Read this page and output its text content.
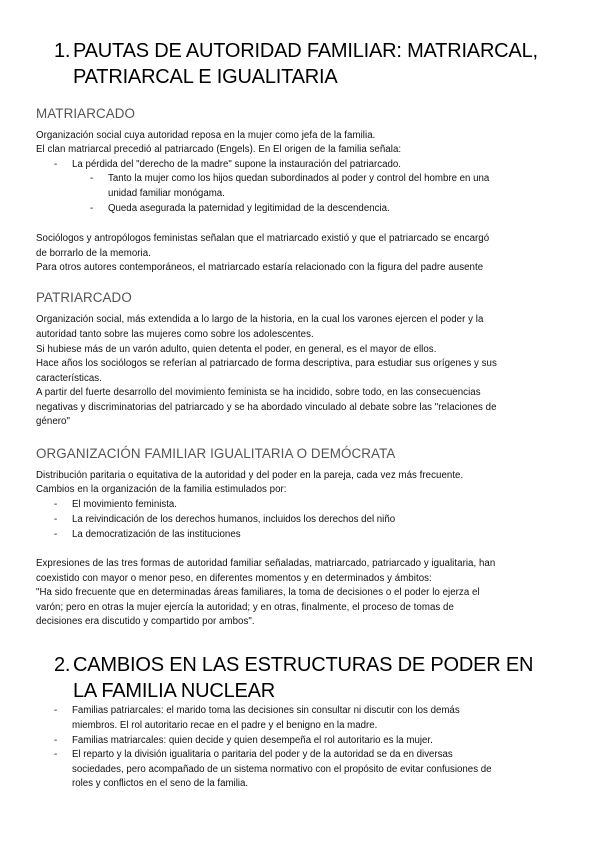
1. PAUTAS DE AUTORIDAD FAMILIAR: MATRIARCAL,
PATRIARCAL E IGUALITARIA
MATRIARCADO
Organización social cuya autoridad reposa en la mujer como jefa de la familia.
El clan matriarcal precedió al patriarcado (Engels). En El origen de la familia señala:
- La pérdida del "derecho de la madre" supone la instauración del patriarcado.
- Tanto la mujer como los hijos quedan subordinados al poder y control del hombre en una
unidad familiar monógama.
- Queda asegurada la paternidad y legitimidad de la descendencia.
Sociólogos y antropólogos feministas señalan que el matriarcado existió y que el patriarcado se encargó
de borrarlo de la memoria.
Para otros autores contemporáneos, el matriarcado estaría relacionado con la figura del padre ausente
PATRIARCADO
Organización social, más extendida a lo largo de la historia, en la cual los varones ejercen el poder y la
autoridad tanto sobre las mujeres como sobre los adolescentes.
Si hubiese más de un varón adulto, quien detenta el poder, en general, es el mayor de ellos.
Hace años los sociólogos se referían al patriarcado de forma descriptiva, para estudiar sus orígenes y sus
características.
A partir del fuerte desarrollo del movimiento feminista se ha incidido, sobre todo, en las consecuencias
negativas y discriminatorias del patriarcado y se ha abordado vinculado al debate sobre las "relaciones de
género"
ORGANIZACIÓN FAMILIAR IGUALITARIA O DEMÓCRATA
Distribución paritaria o equitativa de la autoridad y del poder en la pareja, cada vez más frecuente.
Cambios en la organización de la familia estimulados por:
- El movimiento feminista.
- La reivindicación de los derechos humanos, incluidos los derechos del niño
- La democratización de las instituciones
Expresiones de las tres formas de autoridad familiar señaladas, matriarcado, patriarcado y igualitaria, han
coexistido con mayor o menor peso, en diferentes momentos y en determinados y ámbitos:
"Ha sido frecuente que en determinadas áreas familiares, la toma de decisiones o el poder lo ejerza el
varón; pero en otras la mujer ejercía la autoridad; y en otras, finalmente, el proceso de tomas de
decisiones era discutido y compartido por ambos".
2. CAMBIOS EN LAS ESTRUCTURAS DE PODER EN
LA FAMILIA NUCLEAR
- Familias patriarcales: el marido toma las decisiones sin consultar ni discutir con los demás
miembros. El rol autoritario recae en el padre y el benigno en la madre.
- Familias matriarcales: quien decide y quien desempeña el rol autoritario es la mujer.
- El reparto y la división igualitaria o paritaria del poder y de la autoridad se da en diversas
sociedades, pero acompañado de un sistema normativo con el propósito de evitar confusiones de
roles y conflictos en el seno de la familia.
